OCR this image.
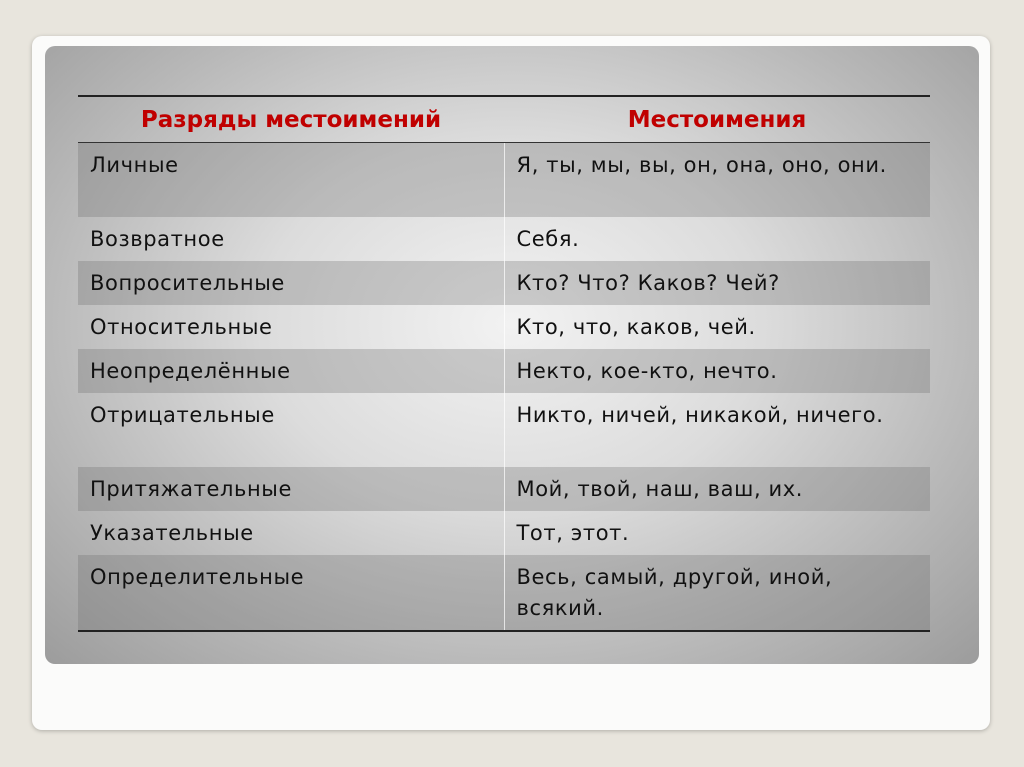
Разряды местоимений	Местоимения
Личные	Я, ты, мы, вы, он, она, оно, они.
Возвратное	Себя.
Вопросительные	Кто? Что? Каков? Чей?
Относительные	Кто, что, каков, чей.
Неопределённые	Некто, кое-кто, нечто.
Отрицательные	Никто, ничей, никакой, ничего.
Притяжательные	Мой, твой, наш, ваш, их.
Указательные	Тот, этот.
Определительные	Весь, самый, другой, иной, всякий.
